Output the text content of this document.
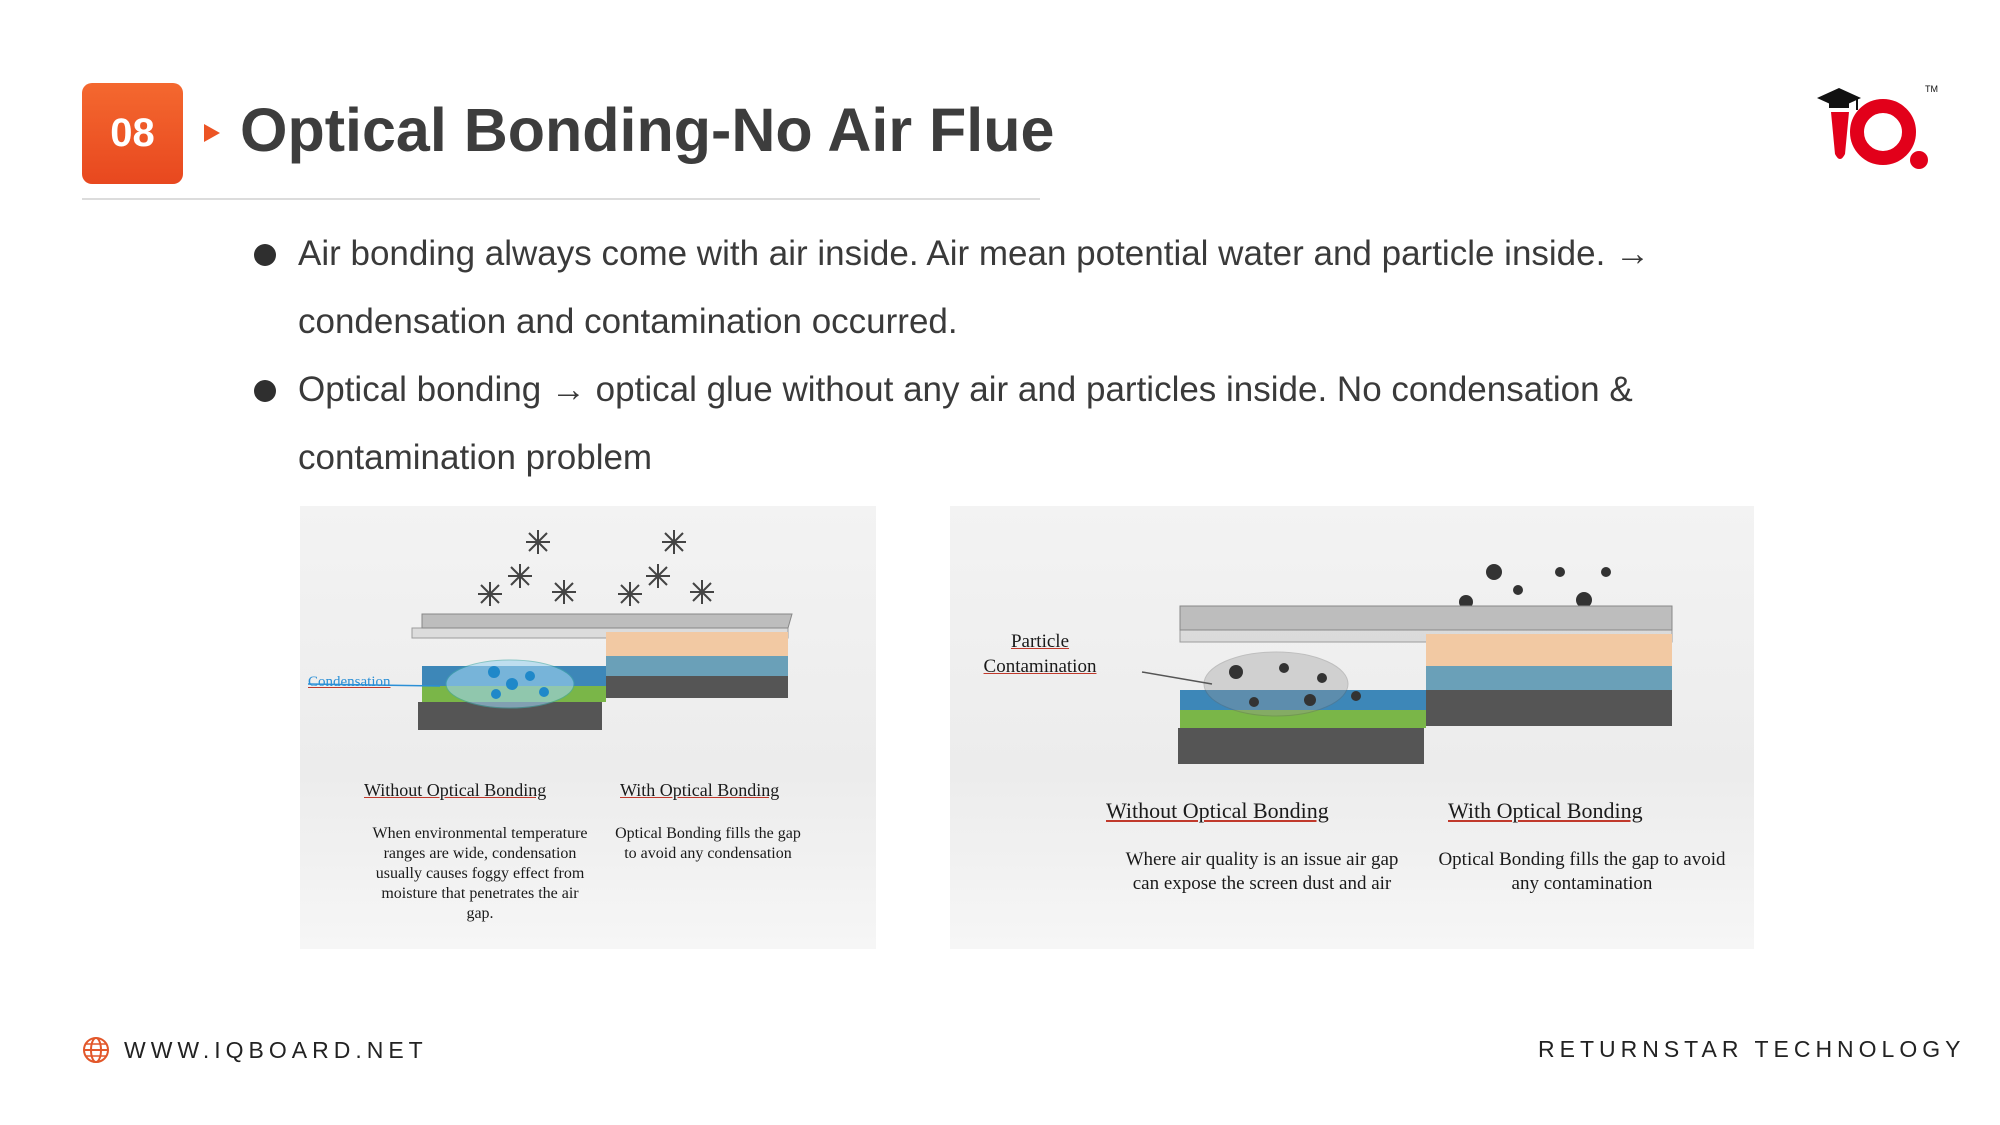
08 Optical Bonding-No Air Flue
TM
Air bonding always come with air inside. Air mean potential water and particle inside. → condensation and contamination occurred.
Optical bonding → optical glue without any air and particles inside. No condensation & contamination problem
Condensation
Without Optical Bonding	With Optical Bonding
When environmental temperature ranges are wide, condensation usually causes foggy effect from moisture that penetrates the air gap.
Optical Bonding fills the gap to avoid any condensation
Particle Contamination
Without Optical Bonding	With Optical Bonding
Where air quality is an issue air gap can expose the screen dust and air
Optical Bonding fills the gap to avoid any contamination
WWW.IQBOARD.NET	RETURNSTAR TECHNOLOGY
